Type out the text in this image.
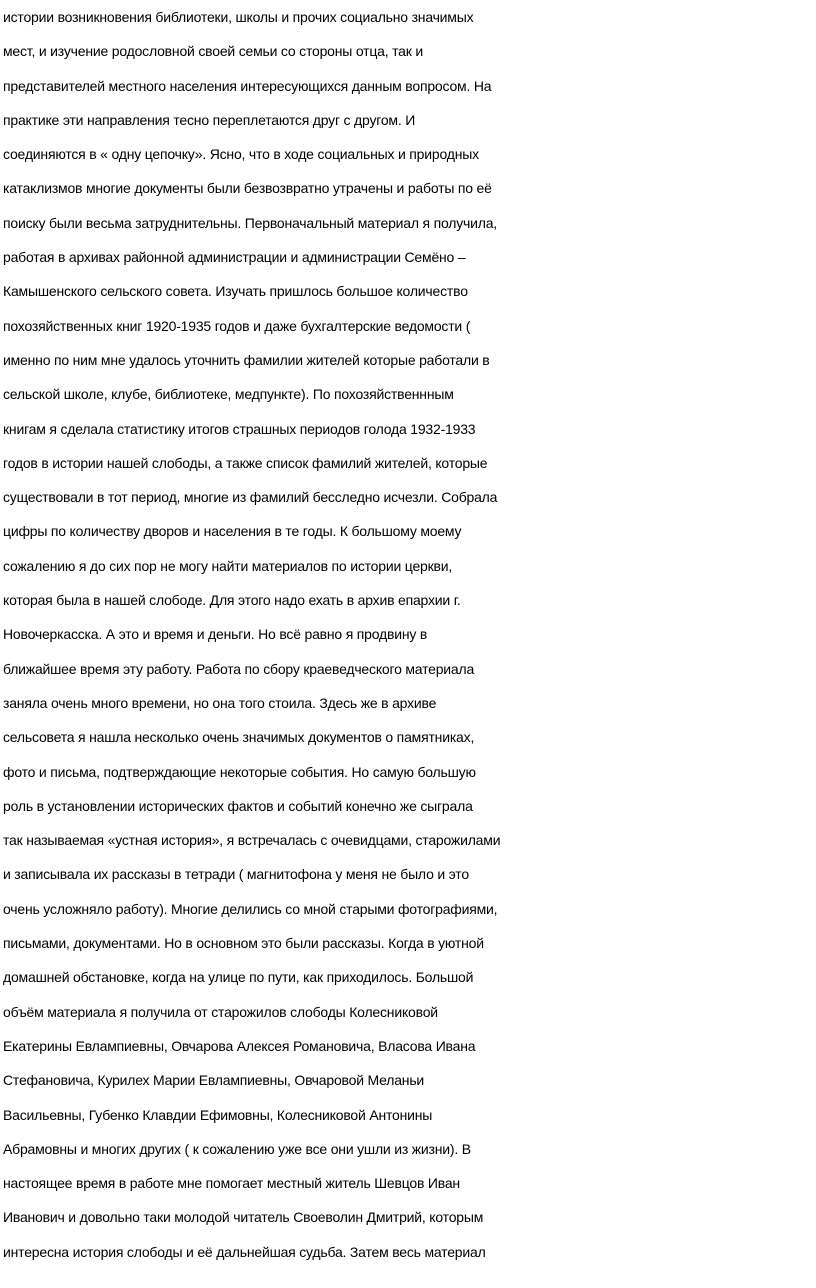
истории возникновения библиотеки, школы и прочих социально значимых
мест, и изучение родословной своей семьи со стороны отца, так и
представителей местного населения интересующихся данным вопросом. На
практике эти направления тесно переплетаются друг с другом. И
соединяются в « одну цепочку». Ясно, что в ходе социальных и природных
катаклизмов многие документы были безвозвратно утрачены и работы по её
поиску были весьма затруднительны. Первоначальный материал я получила,
работая в архивах районной администрации и администрации Семёно –
Камышенского сельского совета. Изучать пришлось большое количество
похозяйственных книг 1920-1935 годов и даже бухгалтерские ведомости (
именно по ним мне удалось уточнить фамилии жителей которые работали в
сельской школе, клубе, библиотеке, медпункте). По похозяйственнным
книгам я сделала статистику итогов страшных периодов голода 1932-1933
годов в истории нашей слободы, а также список фамилий жителей, которые
существовали в тот период, многие из фамилий бесследно исчезли. Собрала
цифры по количеству дворов и населения в те годы. К большому моему
сожалению я до сих пор не могу найти материалов по истории церкви,
которая была в нашей слободе. Для этого надо ехать в архив епархии г.
Новочеркасска. А это и время и деньги. Но всё равно я продвину в
ближайшее время эту работу. Работа по сбору краеведческого материала
заняла очень много времени, но она того стоила. Здесь же в архиве
сельсовета я нашла несколько очень значимых документов о памятниках,
фото и письма, подтверждающие некоторые события. Но самую большую
роль в установлении исторических фактов и событий конечно же сыграла
так называемая «устная история», я встречалась с очевидцами, старожилами
и записывала их рассказы в тетради ( магнитофона у меня не было и это
очень усложняло работу). Многие делились со мной старыми фотографиями,
письмами, документами. Но в основном это были рассказы. Когда в уютной
домашней обстановке, когда на улице по пути, как приходилось. Большой
объём материала я получила от старожилов слободы Колесниковой
Екатерины Евлампиевны, Овчарова Алексея Романовича, Власова Ивана
Стефановича, Курилех Марии Евлампиевны, Овчаровой Меланьи
Васильевны, Губенко Клавдии Ефимовны, Колесниковой Антонины
Абрамовны и многих других ( к сожалению уже все они ушли из жизни). В
настоящее время в работе мне помогает местный житель Шевцов Иван
Иванович и довольно таки молодой читатель Своеволин Дмитрий, которым
интересна история слободы и её дальнейшая судьба. Затем весь материал
